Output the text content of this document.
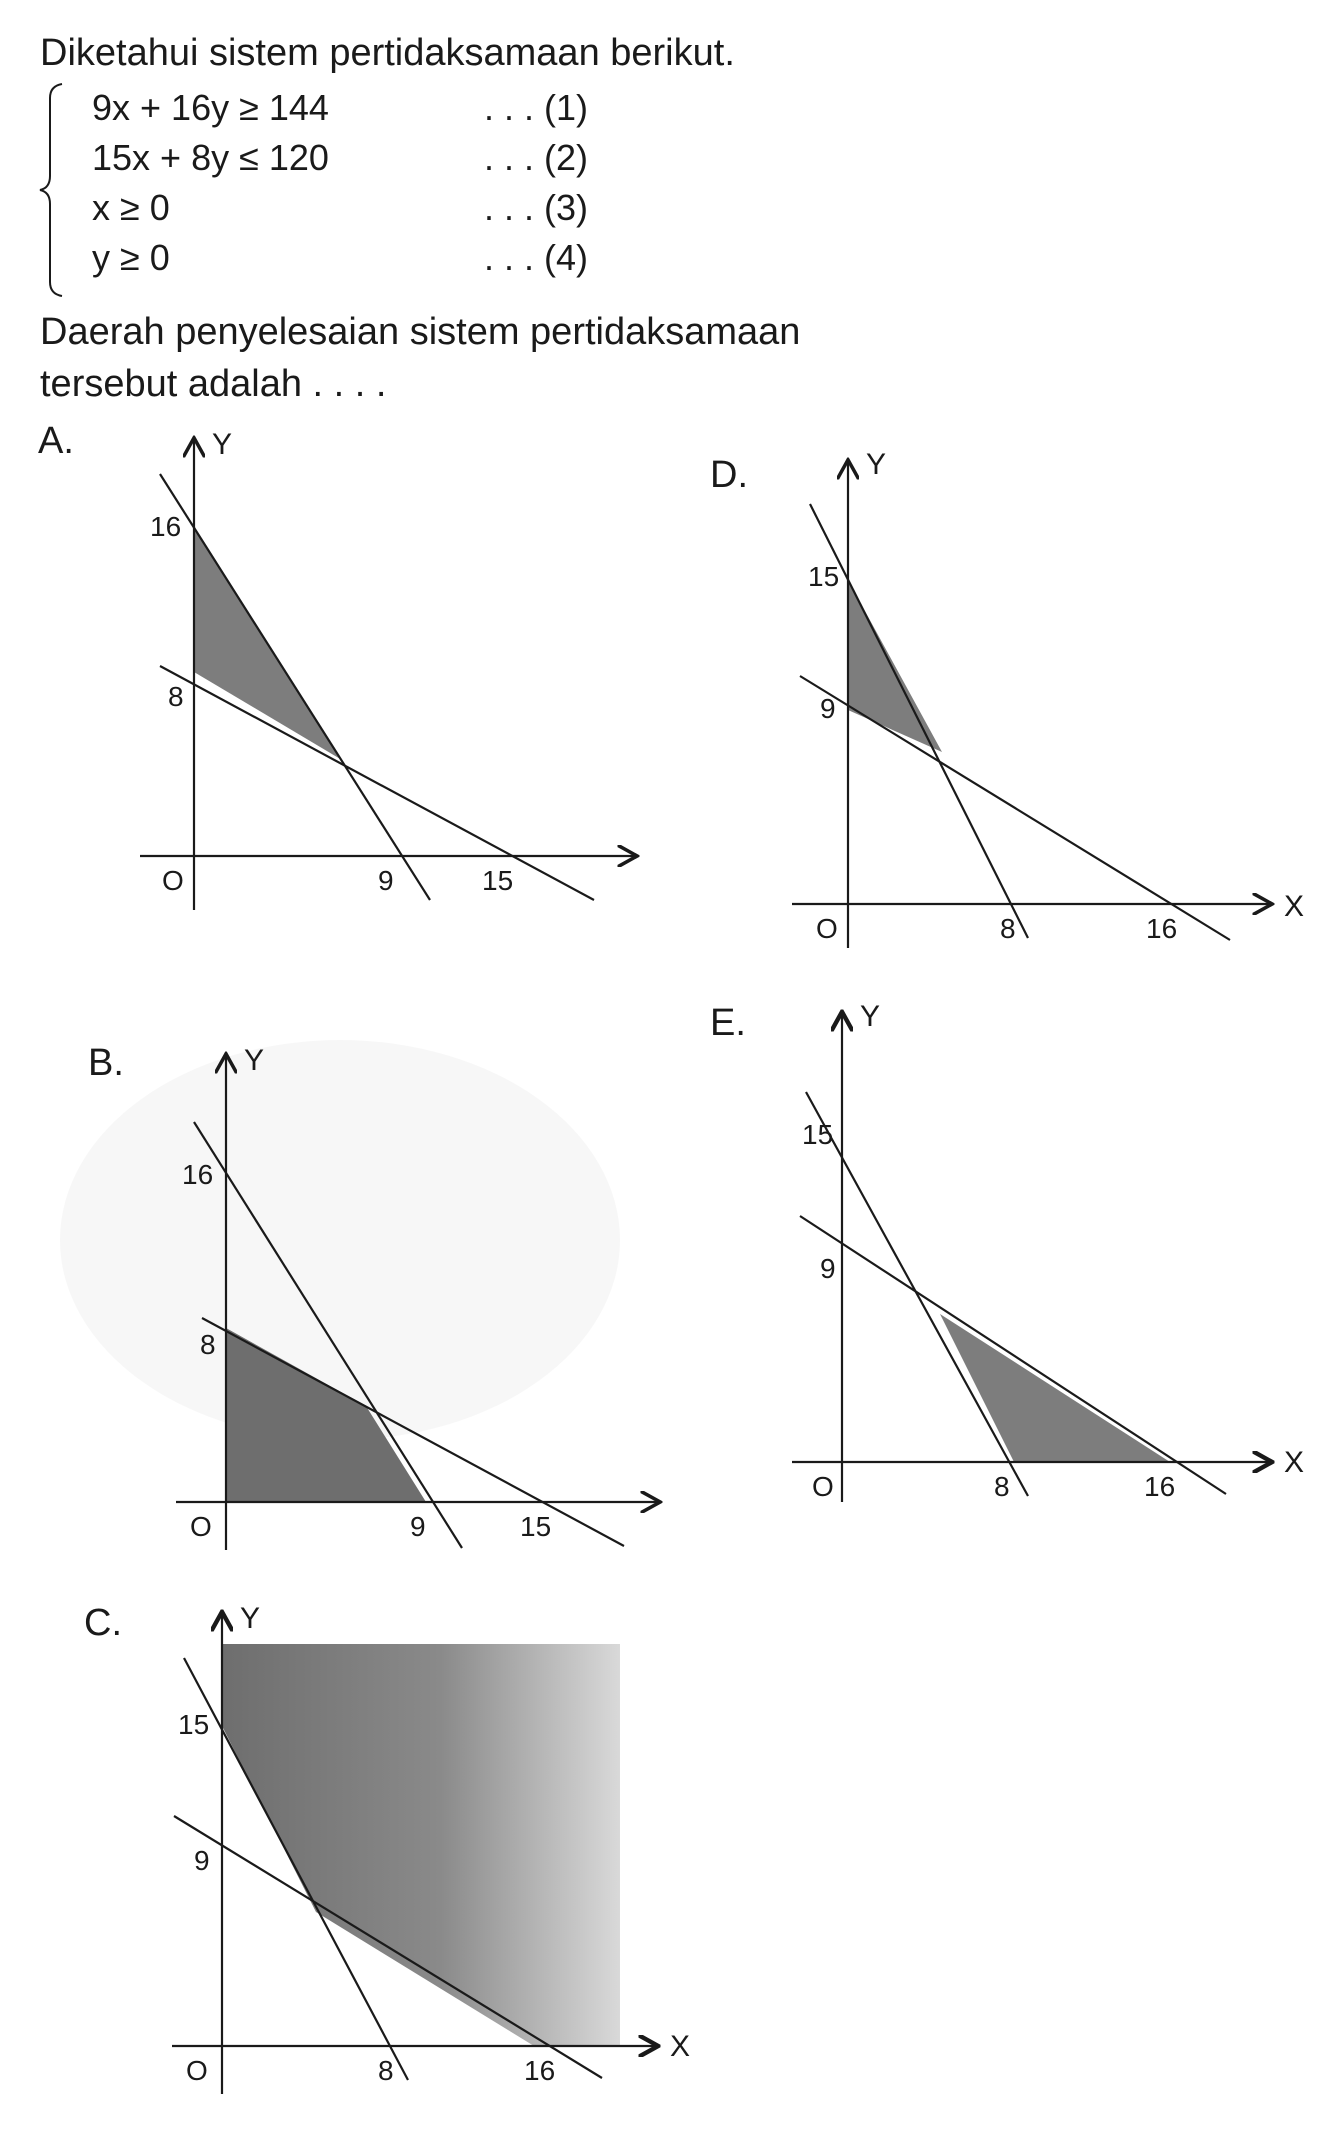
Diketahui sistem pertidaksamaan berikut.
9x + 16y ≥ 144	. . . (1)
15x + 8y ≤ 120	. . . (2)
x ≥ 0	. . . (3)
y ≥ 0	. . . (4)
Daerah penyelesaian sistem pertidaksamaan tersebut adalah . . . .
A.	Y
O
16
8
9	15
D.	Y
X
O
15
9
8	16
B.	Y
O
16
8
9	15
E.	Y
X
O
15
9
8	16
C.	Y
X
O
15
9
8	16
